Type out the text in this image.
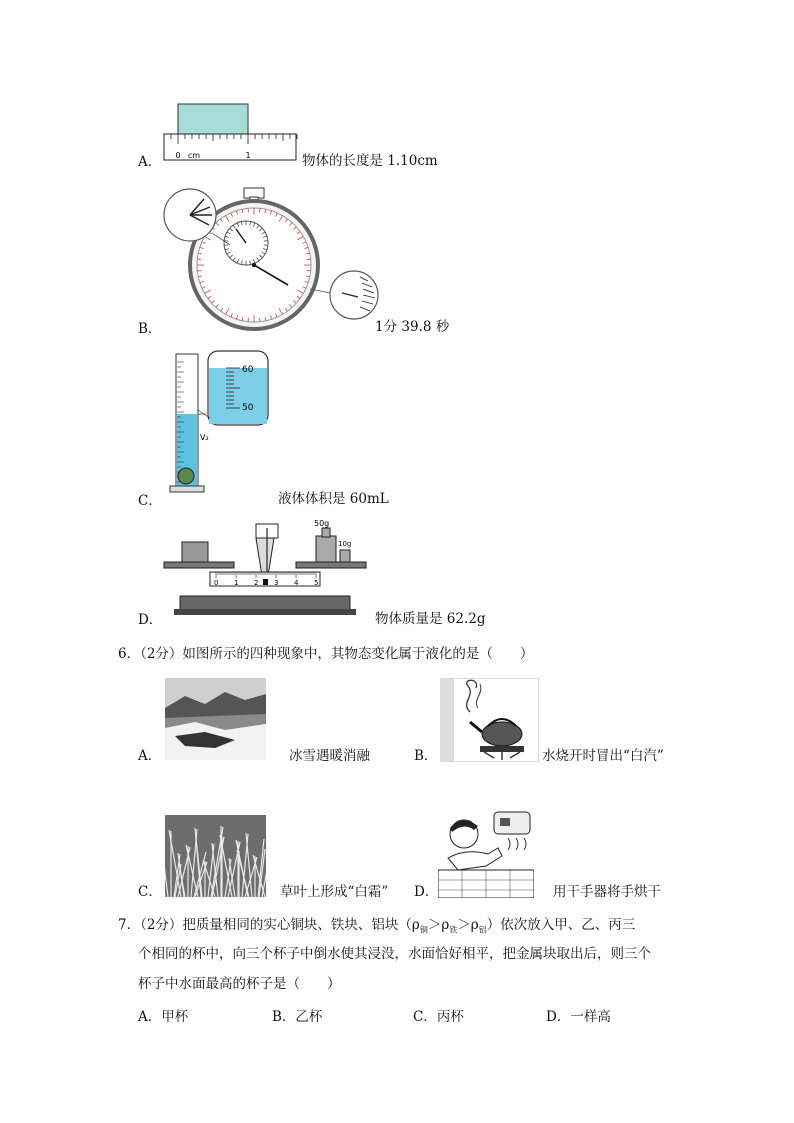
0 cm	1
A．	物体的长度是 1.10cm
B．	1分 39.8 秒
V₂
60
50
C．	液体体积是 60mL
50g
10g
0 1 2 3 4 5
D．	物体质量是 62.2g
6．（2分）如图所示的四种现象中，其物态变化属于液化的是（　　）
A．	冰雪遇暖消融	B．	水烧开时冒出“白汽”
C．	草叶上形成“白霜” D．	用干手器将手烘干
7．（2分）把质量相同的实心铜块、铁块、铝块$(\rho_铜>\rho_铁>\rho_铝)$依次放入甲、乙、丙三
个相同的杯中，向三个杯子中倒水使其浸没，水面恰好相平，把金属块取出后，则三个
杯子中水面最高的杯子是（　　）
A．甲杯	B．乙杯	C．丙杯	D．一样高
